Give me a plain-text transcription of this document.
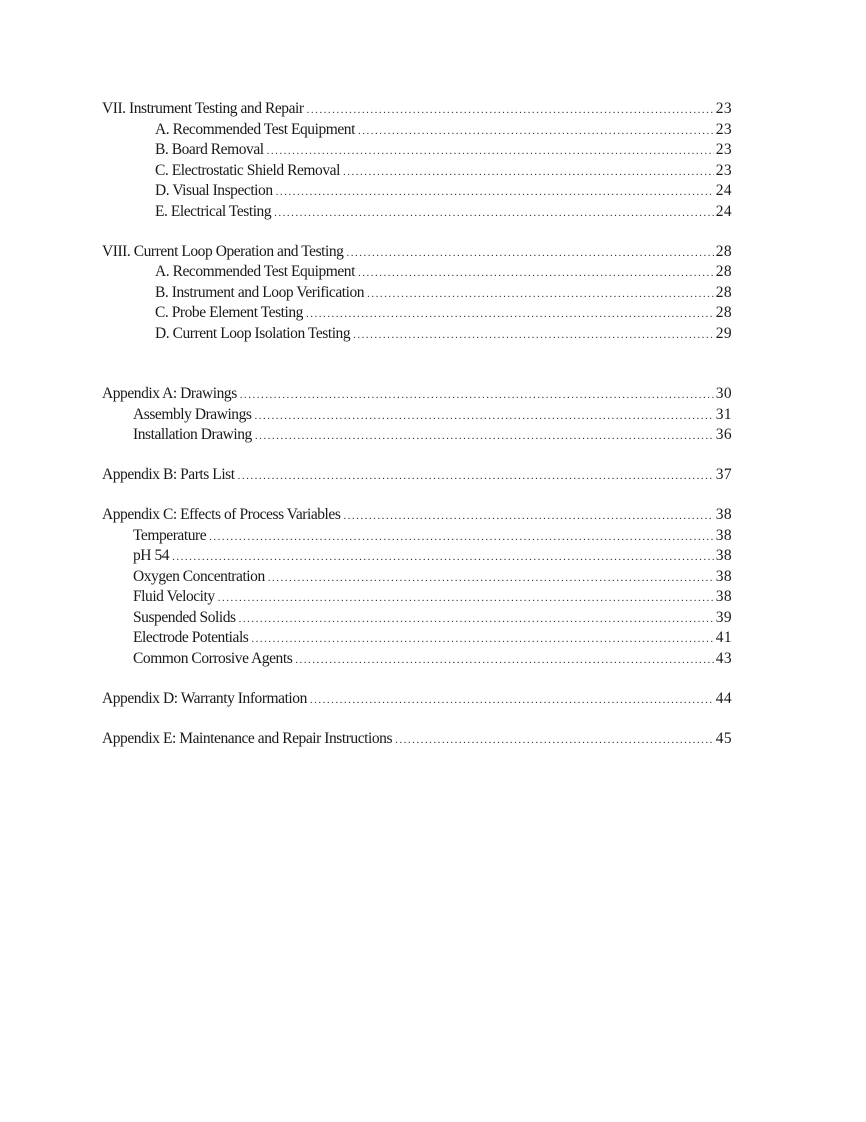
VII. Instrument Testing and Repair .....	23
A. Recommended Test Equipment .....	23
B. Board Removal .....	23
C. Electrostatic Shield Removal .....	23
D. Visual Inspection .....	24
E. Electrical Testing .....	24
VIII. Current Loop Operation and Testing .....	28
A. Recommended Test Equipment .....	28
B. Instrument and Loop Verification .....	28
C. Probe Element Testing .....	28
D. Current Loop Isolation Testing .....	29
Appendix A: Drawings .....	30
Assembly Drawings .....	31
Installation Drawing .....	36
Appendix B: Parts List .....	37
Appendix C: Effects of Process Variables .....	38
Temperature .....	38
pH 54 .....	38
Oxygen Concentration .....	38
Fluid Velocity .....	38
Suspended Solids .....	39
Electrode Potentials .....	41
Common Corrosive Agents .....	43
Appendix D: Warranty Information .....	44
Appendix E: Maintenance and Repair Instructions .....	45
